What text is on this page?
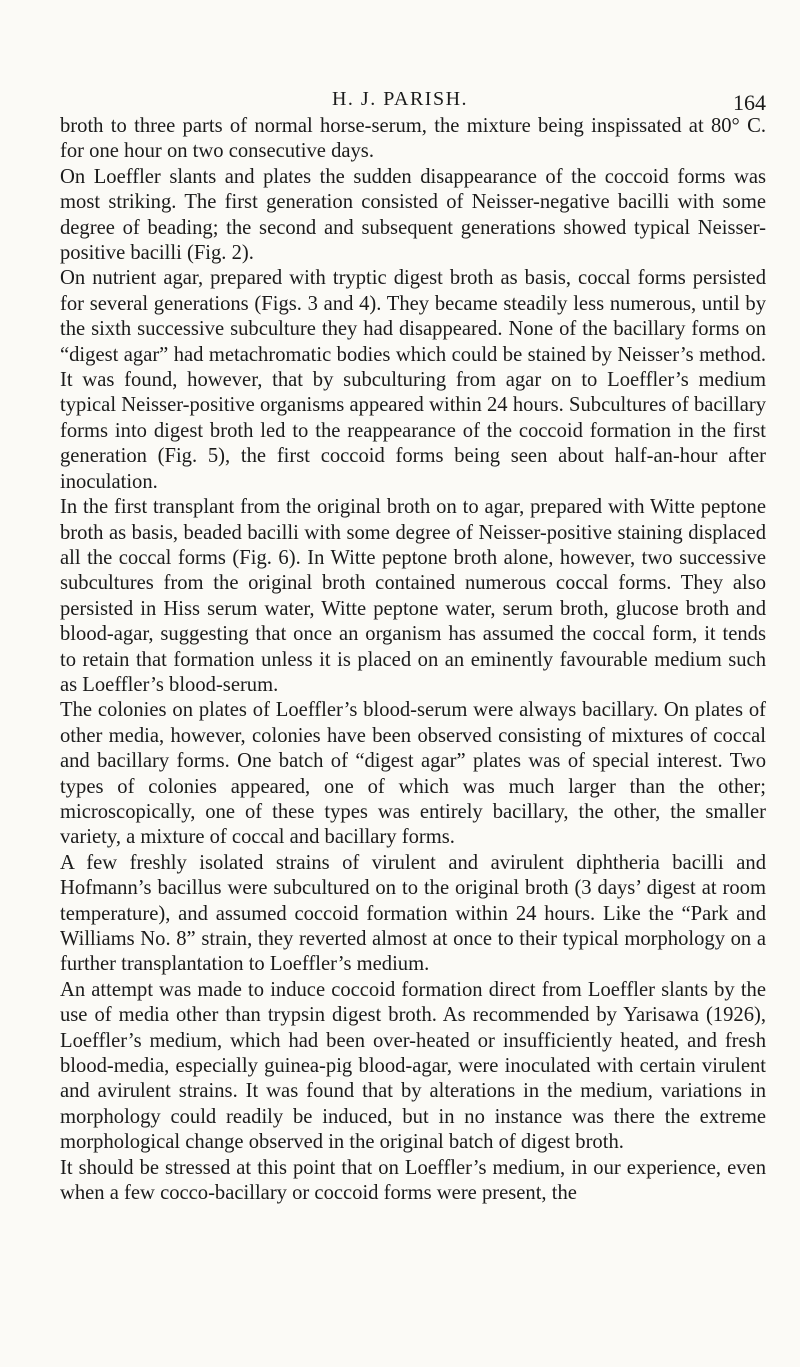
H. J. PARISH.	164

broth to three parts of normal horse-serum, the mixture being inspissated at 80° C. for one hour on two consecutive days.

On Loeffler slants and plates the sudden disappearance of the coccoid forms was most striking. The first generation consisted of Neisser-negative bacilli with some degree of beading; the second and subsequent generations showed typical Neisser-positive bacilli (Fig. 2).

On nutrient agar, prepared with tryptic digest broth as basis, coccal forms persisted for several generations (Figs. 3 and 4). They became steadily less numerous, until by the sixth successive subculture they had disappeared. None of the bacillary forms on “digest agar” had metachromatic bodies which could be stained by Neisser’s method. It was found, however, that by subculturing from agar on to Loeffler’s medium typical Neisser-positive organisms appeared within 24 hours. Subcultures of bacillary forms into digest broth led to the reappearance of the coccoid formation in the first generation (Fig. 5), the first coccoid forms being seen about half-an-hour after inoculation.

In the first transplant from the original broth on to agar, prepared with Witte peptone broth as basis, beaded bacilli with some degree of Neisser-positive staining displaced all the coccal forms (Fig. 6). In Witte peptone broth alone, however, two successive subcultures from the original broth contained numerous coccal forms. They also persisted in Hiss serum water, Witte peptone water, serum broth, glucose broth and blood-agar, suggesting that once an organism has assumed the coccal form, it tends to retain that formation unless it is placed on an eminently favourable medium such as Loeffler’s blood-serum.

The colonies on plates of Loeffler’s blood-serum were always bacillary. On plates of other media, however, colonies have been observed consisting of mixtures of coccal and bacillary forms. One batch of “digest agar” plates was of special interest. Two types of colonies appeared, one of which was much larger than the other; microscopically, one of these types was entirely bacillary, the other, the smaller variety, a mixture of coccal and bacillary forms.

A few freshly isolated strains of virulent and avirulent diphtheria bacilli and Hofmann’s bacillus were subcultured on to the original broth (3 days’ digest at room temperature), and assumed coccoid formation within 24 hours. Like the “Park and Williams No. 8” strain, they reverted almost at once to their typical morphology on a further transplantation to Loeffler’s medium.

An attempt was made to induce coccoid formation direct from Loeffler slants by the use of media other than trypsin digest broth. As recommended by Yarisawa (1926), Loeffler’s medium, which had been over-heated or insufficiently heated, and fresh blood-media, especially guinea-pig blood-agar, were inoculated with certain virulent and avirulent strains. It was found that by alterations in the medium, variations in morphology could readily be induced, but in no instance was there the extreme morphological change observed in the original batch of digest broth.

It should be stressed at this point that on Loeffler’s medium, in our experience, even when a few cocco-bacillary or coccoid forms were present, the
